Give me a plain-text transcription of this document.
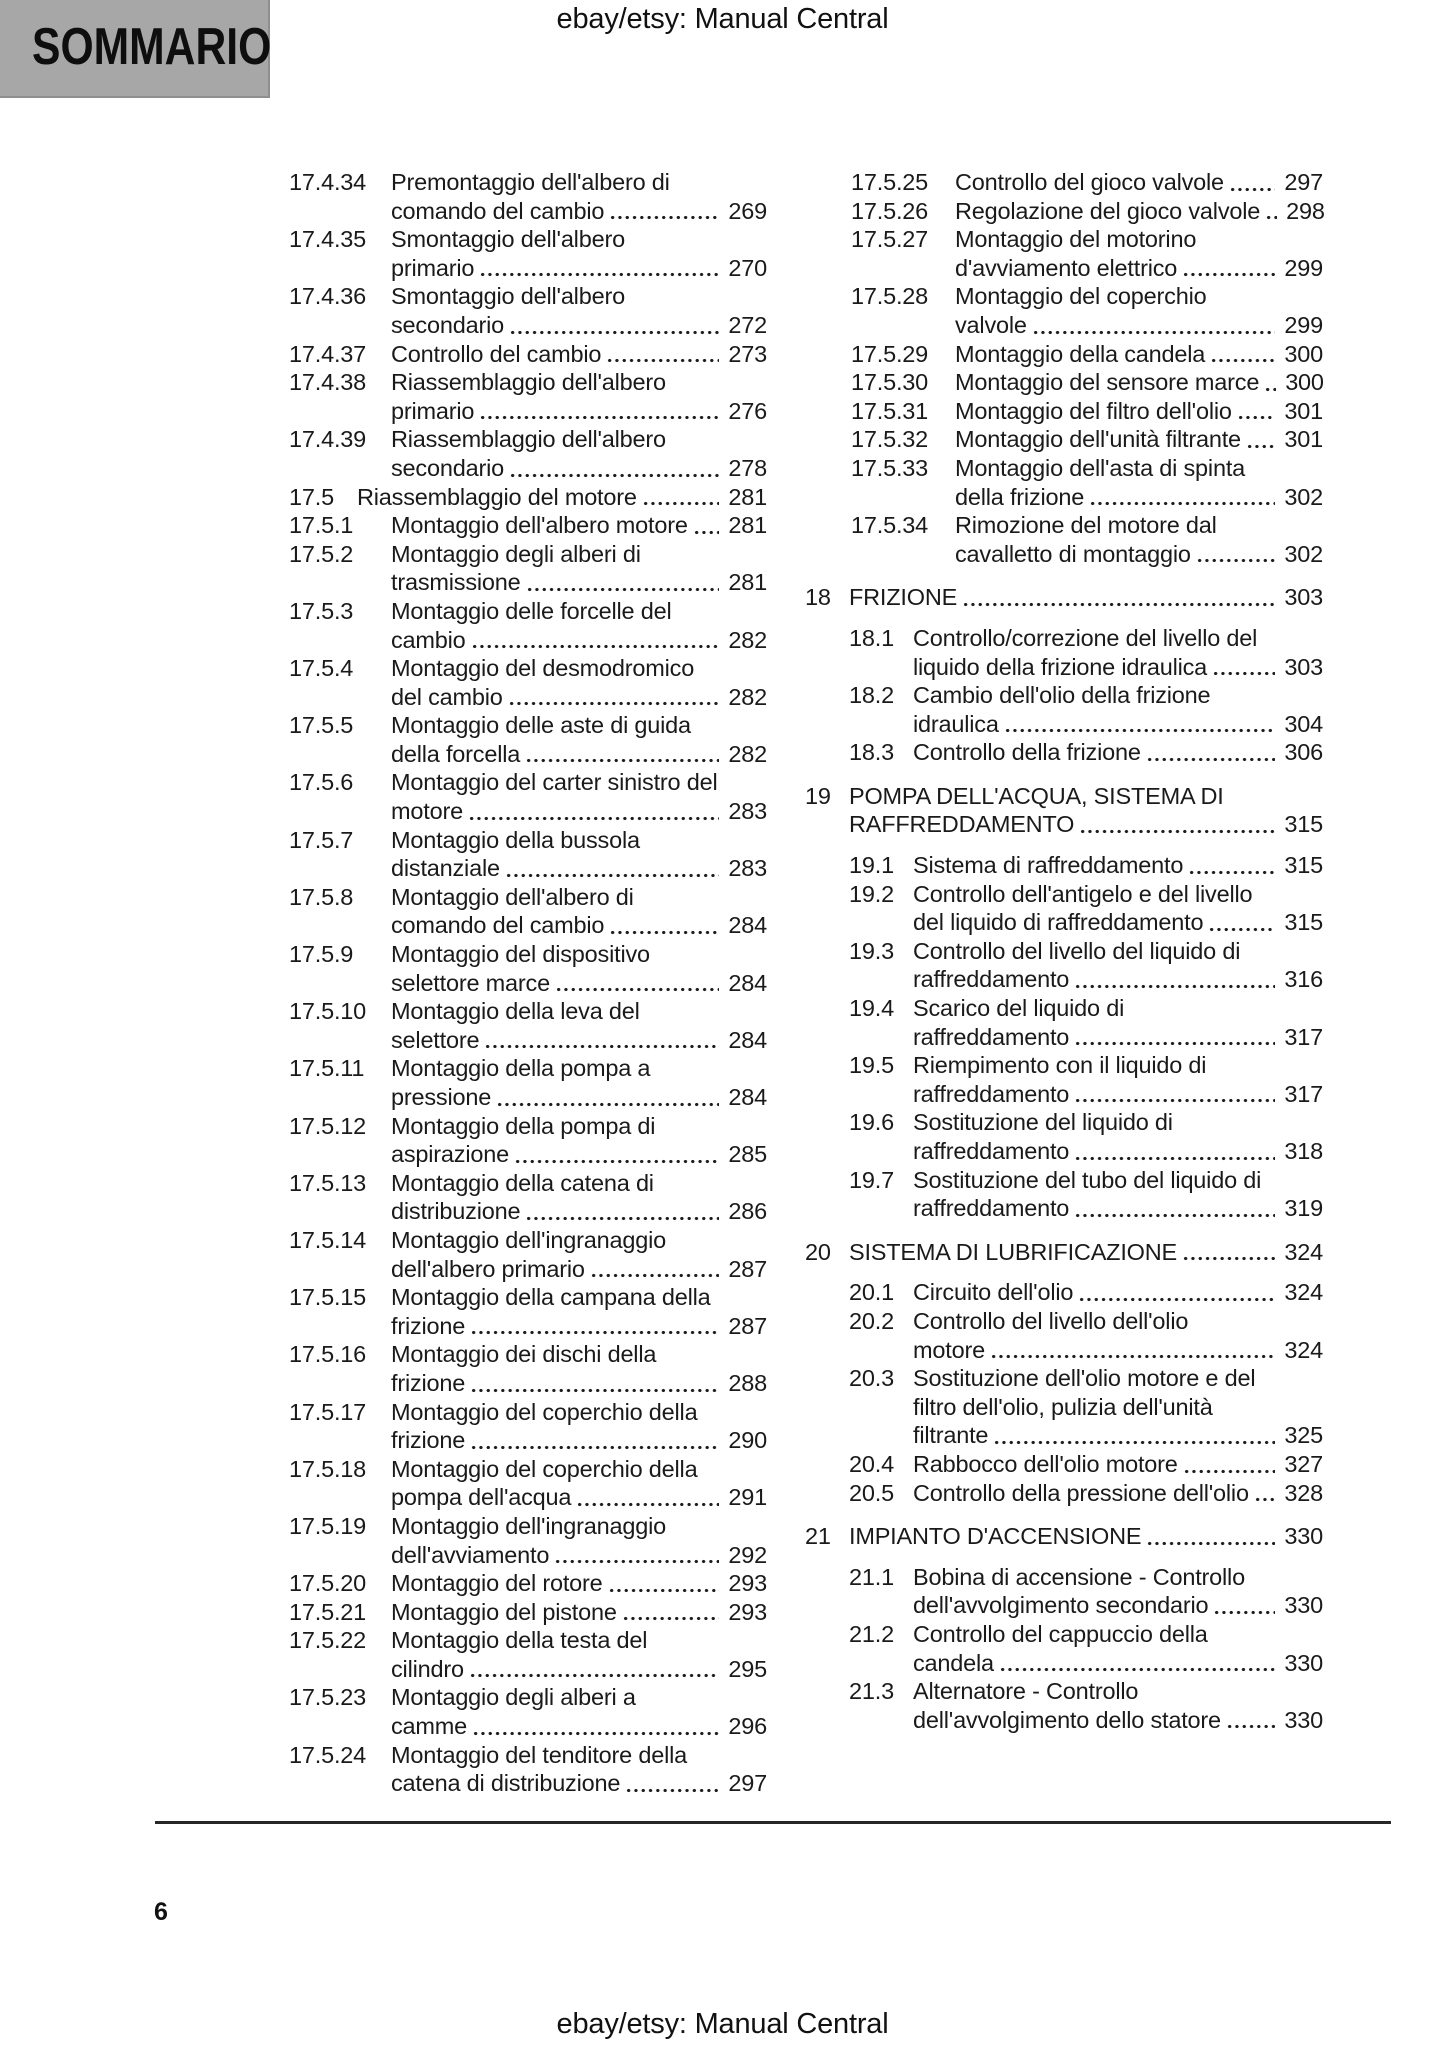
SOMMARIO	ebay/etsy: Manual Central
17.4.34	Premontaggio dell'albero di
comando del cambio	269
17.4.35	Smontaggio dell'albero
primario	270
17.4.36	Smontaggio dell'albero
secondario	272
17.4.37	Controllo del cambio	273
17.4.38	Riassemblaggio dell'albero
primario	276
17.4.39	Riassemblaggio dell'albero
secondario	278
17.5 Riassemblaggio del motore	281
17.5.1	Montaggio dell'albero motore 281
17.5.2	Montaggio degli alberi di
trasmissione	281
17.5.3	Montaggio delle forcelle del
cambio	282
17.5.4	Montaggio del desmodromico
del cambio	282
17.5.5	Montaggio delle aste di guida
della forcella	282
17.5.6	Montaggio del carter sinistro del
motore	283
17.5.7	Montaggio della bussola
distanziale	283
17.5.8	Montaggio dell'albero di
comando del cambio	284
17.5.9	Montaggio del dispositivo
selettore marce	284
17.5.10	Montaggio della leva del
selettore	284
17.5.11	Montaggio della pompa a
pressione	284
17.5.12	Montaggio della pompa di
aspirazione	285
17.5.13	Montaggio della catena di
distribuzione	286
17.5.14	Montaggio dell'ingranaggio
dell'albero primario	287
17.5.15	Montaggio della campana della
frizione	287
17.5.16	Montaggio dei dischi della
frizione	288
17.5.17	Montaggio del coperchio della
frizione	290
17.5.18	Montaggio del coperchio della
pompa dell'acqua	291
17.5.19	Montaggio dell'ingranaggio
dell'avviamento	292
17.5.20	Montaggio del rotore	293
17.5.21	Montaggio del pistone	293
17.5.22	Montaggio della testa del
cilindro	295
17.5.23	Montaggio degli alberi a
camme	296
17.5.24	Montaggio del tenditore della
catena di distribuzione	297
17.5.25	Controllo del gioco valvole	297
17.5.26	Regolazione del gioco valvole 298
17.5.27	Montaggio del motorino
d'avviamento elettrico	299
17.5.28	Montaggio del coperchio
valvole	299
17.5.29	Montaggio della candela	300
17.5.30	Montaggio del sensore marce 300
17.5.31	Montaggio del filtro dell'olio 301
17.5.32	Montaggio dell'unità filtrante 301
17.5.33	Montaggio dell'asta di spinta
della frizione	302
17.5.34	Rimozione del motore dal
cavalletto di montaggio	302
18 FRIZIONE	303
18.1 Controllo/correzione del livello del
liquido della frizione idraulica	303
18.2 Cambio dell'olio della frizione
idraulica	304
18.3 Controllo della frizione	306
19 POMPA DELL'ACQUA, SISTEMA DI
RAFFREDDAMENTO	315
19.1 Sistema di raffreddamento	315
19.2 Controllo dell'antigelo e del livello
del liquido di raffreddamento	315
19.3 Controllo del livello del liquido di
raffreddamento	316
19.4 Scarico del liquido di
raffreddamento	317
19.5 Riempimento con il liquido di
raffreddamento	317
19.6 Sostituzione del liquido di
raffreddamento	318
19.7 Sostituzione del tubo del liquido di
raffreddamento	319
20 SISTEMA DI LUBRIFICAZIONE	324
20.1 Circuito dell'olio	324
20.2 Controllo del livello dell'olio
motore	324
20.3 Sostituzione dell'olio motore e del
filtro dell'olio, pulizia dell'unità
filtrante	325
20.4 Rabbocco dell'olio motore	327
20.5 Controllo della pressione dell'olio 328
21 IMPIANTO D'ACCENSIONE	330
21.1 Bobina di accensione - Controllo
dell'avvolgimento secondario	330
21.2 Controllo del cappuccio della
candela	330
21.3 Alternatore - Controllo
dell'avvolgimento dello statore	330
6
ebay/etsy: Manual Central
